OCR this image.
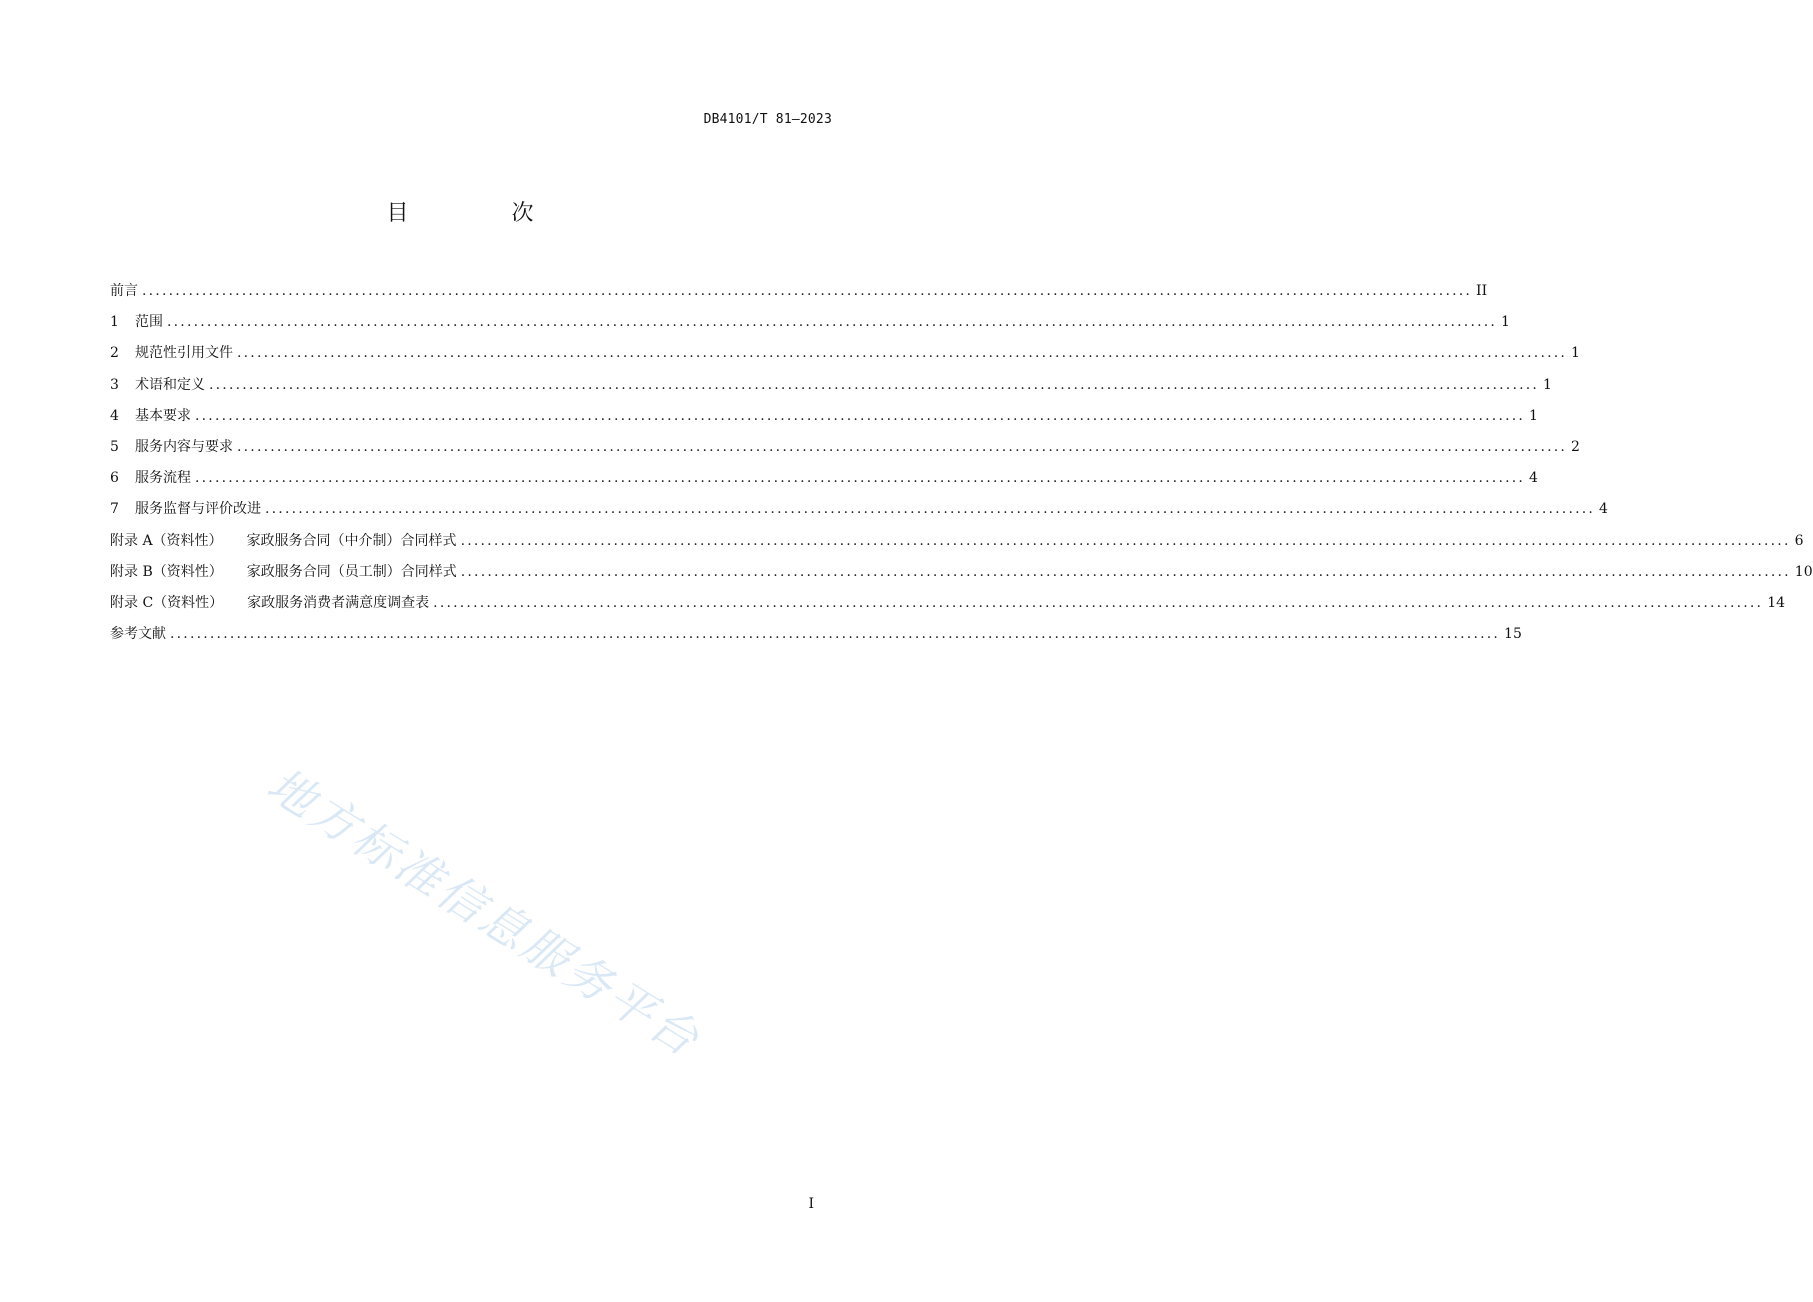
DB4101/T 81—2023
目 次
前言 ........................................................................................................................................................................................................ II
1	范围 ........................................................................................................................................................................................................ 1
2	规范性引用文件 ........................................................................................................................................................................................................ 1
3	术语和定义 ........................................................................................................................................................................................................ 1
4	基本要求 ........................................................................................................................................................................................................ 1
5	服务内容与要求 ........................................................................................................................................................................................................ 2
6	服务流程 ........................................................................................................................................................................................................ 4
7	服务监督与评价改进 ........................................................................................................................................................................................................ 4
附录 A（资料性） 家政服务合同（中介制）合同样式 ........................................................................................................................................................................................................ 6
附录 B（资料性） 家政服务合同（员工制）合同样式 ........................................................................................................................................................................................................ 10
附录 C（资料性） 家政服务消费者满意度调查表 ........................................................................................................................................................................................................ 14
参考文献 ........................................................................................................................................................................................................ 15
地方标准信息服务平台
I
